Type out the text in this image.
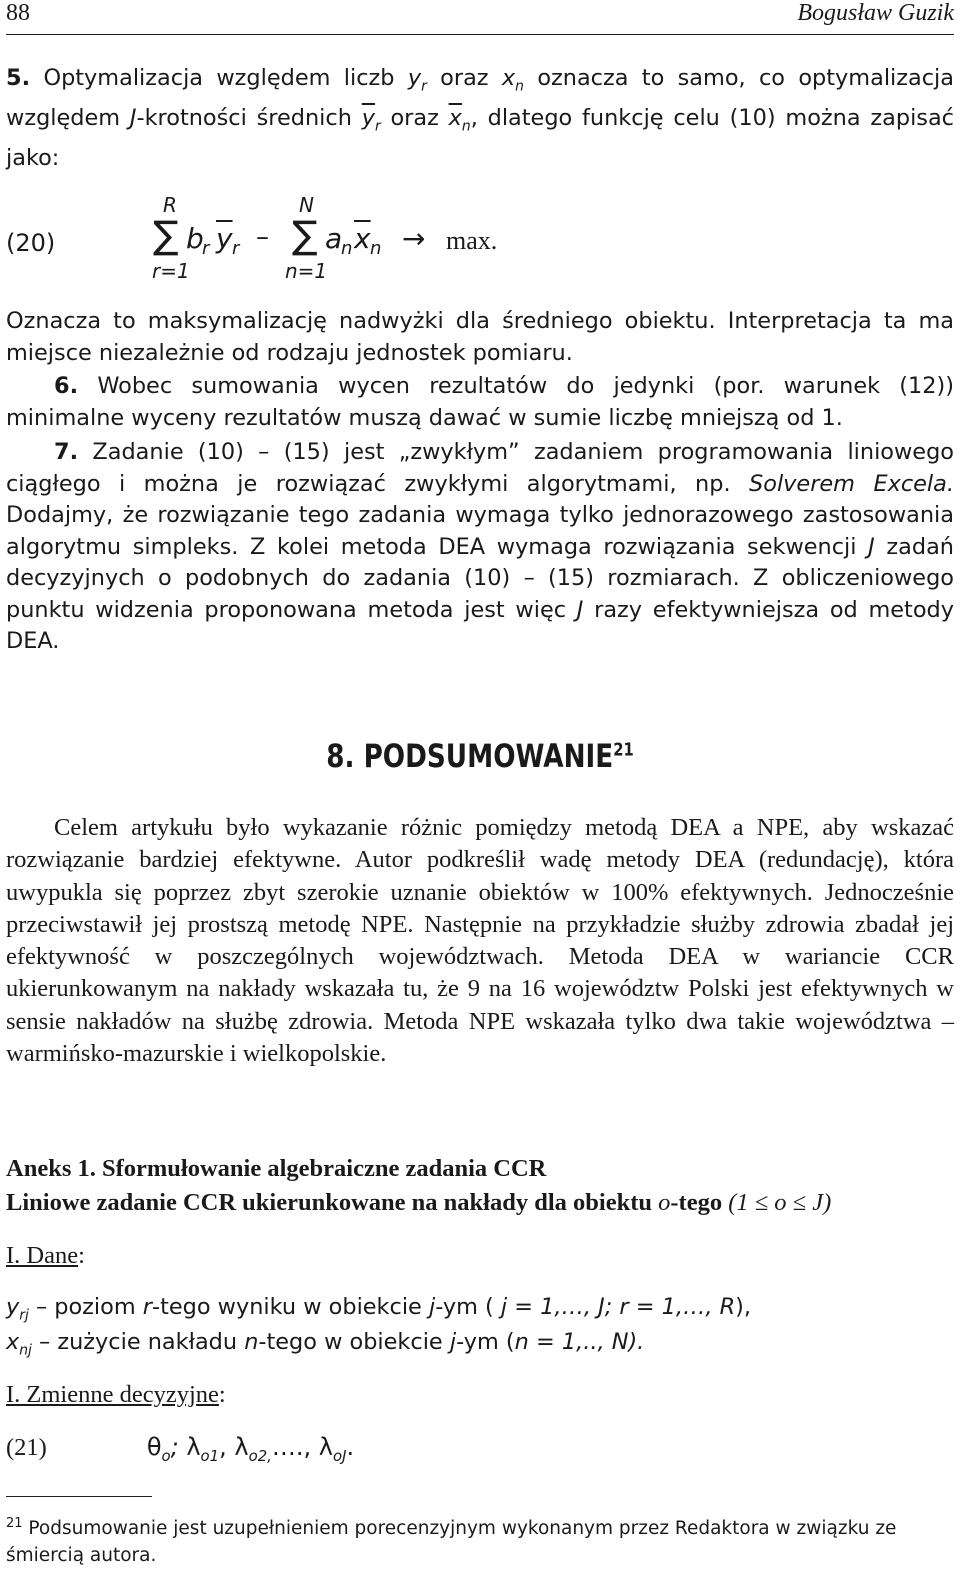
88	Bogusław Guzik

5. Optymalizacja względem liczb $y_r$ oraz $x_n$ oznacza to samo, co optymalizacja względem J-krotności średnich $\overline{y}_r$ oraz $\overline{x}_n$, dlatego funkcję celu (10) można zapisać jako:

(20)
R
∑
r=1
b
r $\overline{y}$ r –
N
∑
n=1
a
n $\overline{x}$ n → max.

Oznacza to maksymalizację nadwyżki dla średniego obiektu. Interpretacja ta ma miejsce niezależnie od rodzaju jednostek pomiaru.

6. Wobec sumowania wycen rezultatów do jedynki (por. warunek (12)) minimalne wyceny rezultatów muszą dawać w sumie liczbę mniejszą od 1.

7. Zadanie (10) – (15) jest „zwykłym” zadaniem programowania liniowego ciągłego i można je rozwiązać zwykłymi algorytmami, np. Solverem Excela. Dodajmy, że rozwiązanie tego zadania wymaga tylko jednorazowego zastosowania algorytmu simpleks. Z kolei metoda DEA wymaga rozwiązania sekwencji J zadań decyzyjnych o podobnych do zadania (10) – (15) rozmiarach. Z obliczeniowego punktu widzenia proponowana metoda jest więc J razy efektywniejsza od metody DEA.

8. PODSUMOWANIE$^{21}$

Celem artykułu było wykazanie różnic pomiędzy metodą DEA a NPE, aby wskazać rozwiązanie bardziej efektywne. Autor podkreślił wadę metody DEA (redundację), która uwypukla się poprzez zbyt szerokie uznanie obiektów w 100% efektywnych. Jednocześnie przeciwstawił jej prostszą metodę NPE. Następnie na przykładzie służby zdrowia zbadał jej efektywność w poszczególnych województwach. Metoda DEA w wariancie CCR ukierunkowanym na nakłady wskazała tu, że 9 na 16 województw Polski jest efektywnych w sensie nakładów na służbę zdrowia. Metoda NPE wskazała tylko dwa takie województwa – warmińsko-mazurskie i wielkopolskie.

Aneks 1. Sformułowanie algebraiczne zadania CCR
Liniowe zadanie CCR ukierunkowane na nakłady dla obiektu o-tego (1 ≤ o ≤ J)
I. Dane:
$y_{rj}$ – poziom r-tego wyniku w obiekcie j-ym ( j = 1,…, J; r = 1,…, R),
$x_{nj}$ – zużycie nakładu n-tego w obiekcie j-ym (n = 1,.., N).
I. Zmienne decyzyjne:
(21)	$\theta_o$; $\lambda_{o1}$, $\lambda_{o2,}\dots$., $\lambda_{oJ}$.
$^{21}$ Podsumowanie jest uzupełnieniem porecenzyjnym wykonanym przez Redaktora w związku ze śmiercią autora.
